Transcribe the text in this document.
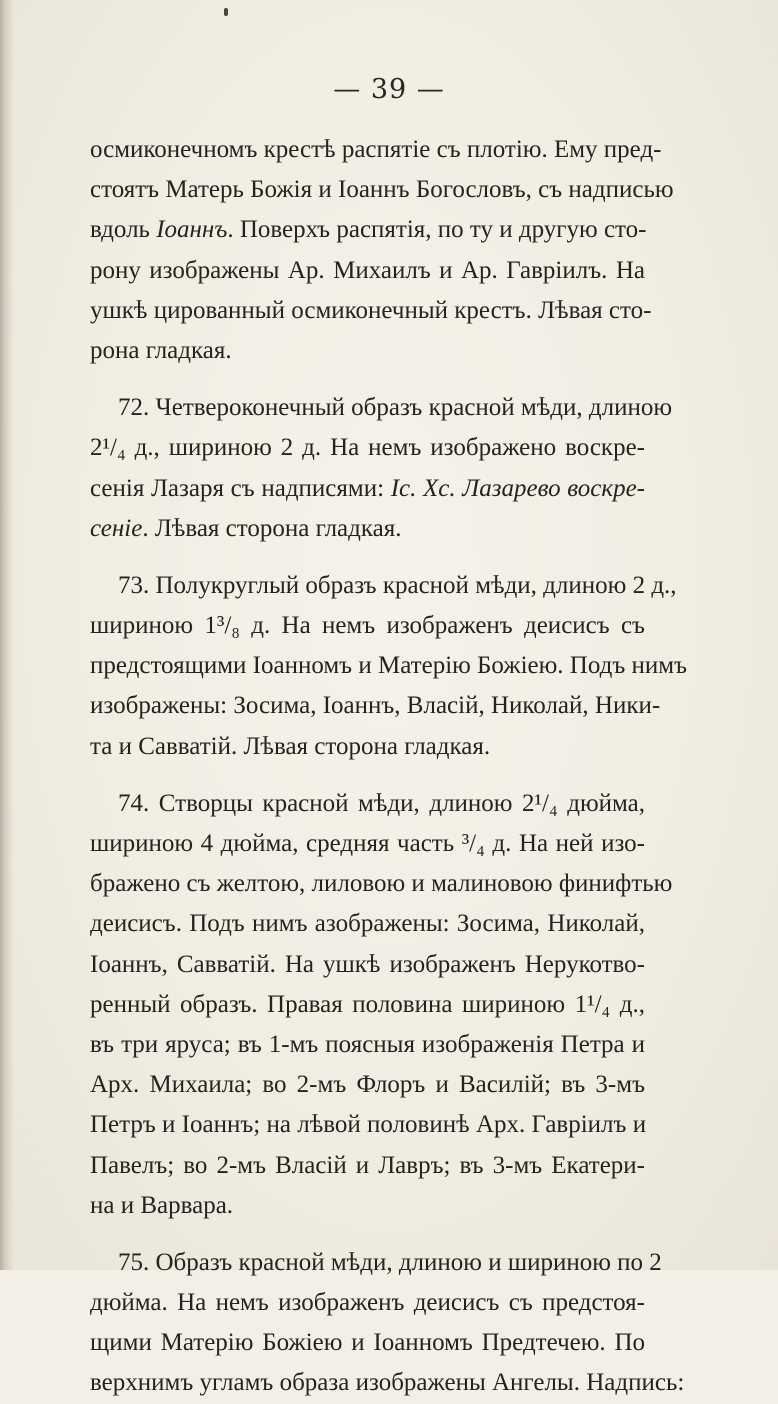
— 39 —
осмиконечномъ крестѣ распятіе съ плотію. Ему пред-
стоятъ Матерь Божія и Іоаннъ Богословъ, съ надписью
вдоль Іоаннъ. Поверхъ распятія, по ту и другую сто-
рону изображены Ар. Михаилъ и Ар. Гавріилъ. На
ушкѣ цированный осмиконечный крестъ. Лѣвая сто-
рона гладкая.
72. Четвероконечный образъ красной мѣди, длиною
2¹/₄ д., шириною 2 д. На немъ изображено воскре-
сенія Лазаря съ надписями: Іс. Хс. Лазарево воскре-
сеніе. Лѣвая сторона гладкая.
73. Полукруглый образъ красной мѣди, длиною 2 д.,
шириною 1³/₈ д. На немъ изображенъ деисисъ съ
предстоящими Іоанномъ и Матерію Божіею. Подъ нимъ
изображены: Зосима, Іоаннъ, Власій, Николай, Ники-
та и Савватій. Лѣвая сторона гладкая.
74. Створцы красной мѣди, длиною 2¹/₄ дюйма,
шириною 4 дюйма, средняя часть ³/₄ д. На ней изо-
бражено съ желтою, лиловою и малиновою финифтью
деисисъ. Подъ нимъ азображены: Зосима, Николай,
Іоаннъ, Савватій. На ушкѣ изображенъ Нерукотво-
ренный образъ. Правая половина шириною 1¹/₄ д.,
въ три яруса; въ 1-мъ поясныя изображенія Петра и
Арх. Михаила; во 2-мъ Флоръ и Василій; въ 3-мъ
Петръ и Іоаннъ; на лѣвой половинѣ Арх. Гавріилъ и
Павелъ; во 2-мъ Власій и Лавръ; въ 3-мъ Екатери-
на и Варвара.
75. Образъ красной мѣди, длиною и шириною по 2
дюйма. На немъ изображенъ деисисъ съ предстоя-
щими Матерію Божіею и Іоанномъ Предтечею. По
верхнимъ угламъ образа изображены Ангелы. Надпись:
